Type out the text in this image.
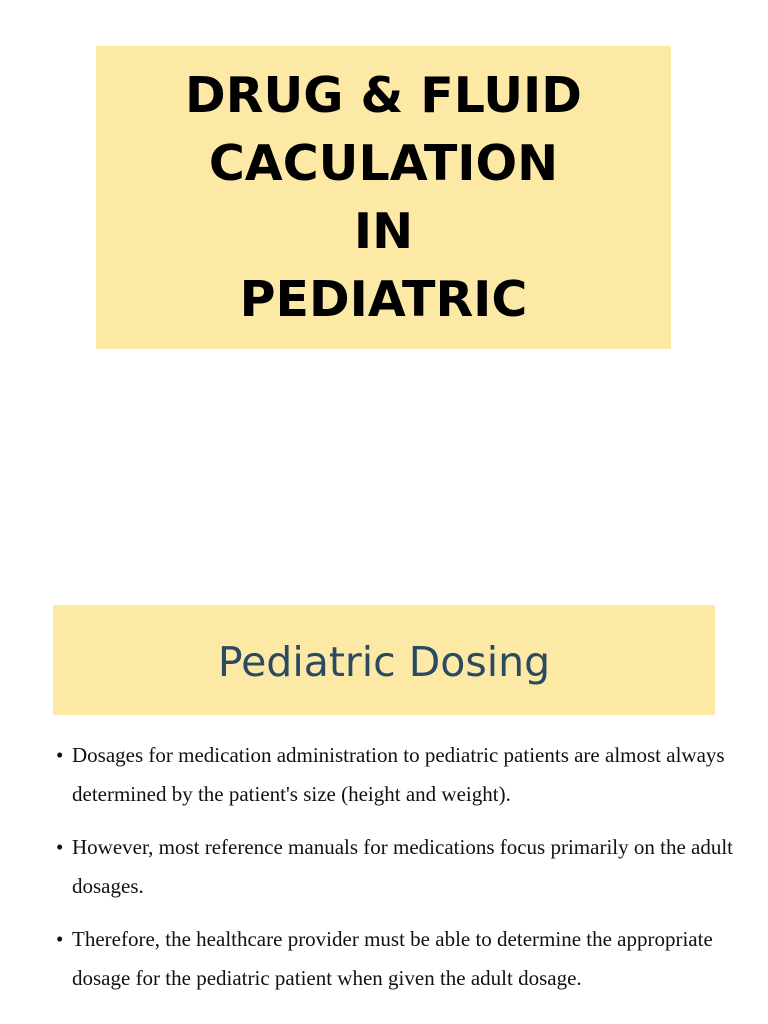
DRUG & FLUID
CACULATION
IN
PEDIATRIC
Pediatric Dosing
• Dosages for medication administration to pediatric patients are almost always determined by the patient's size (height and weight).
• However, most reference manuals for medications focus primarily on the adult dosages.
• Therefore, the healthcare provider must be able to determine the appropriate dosage for the pediatric patient when given the adult dosage.
